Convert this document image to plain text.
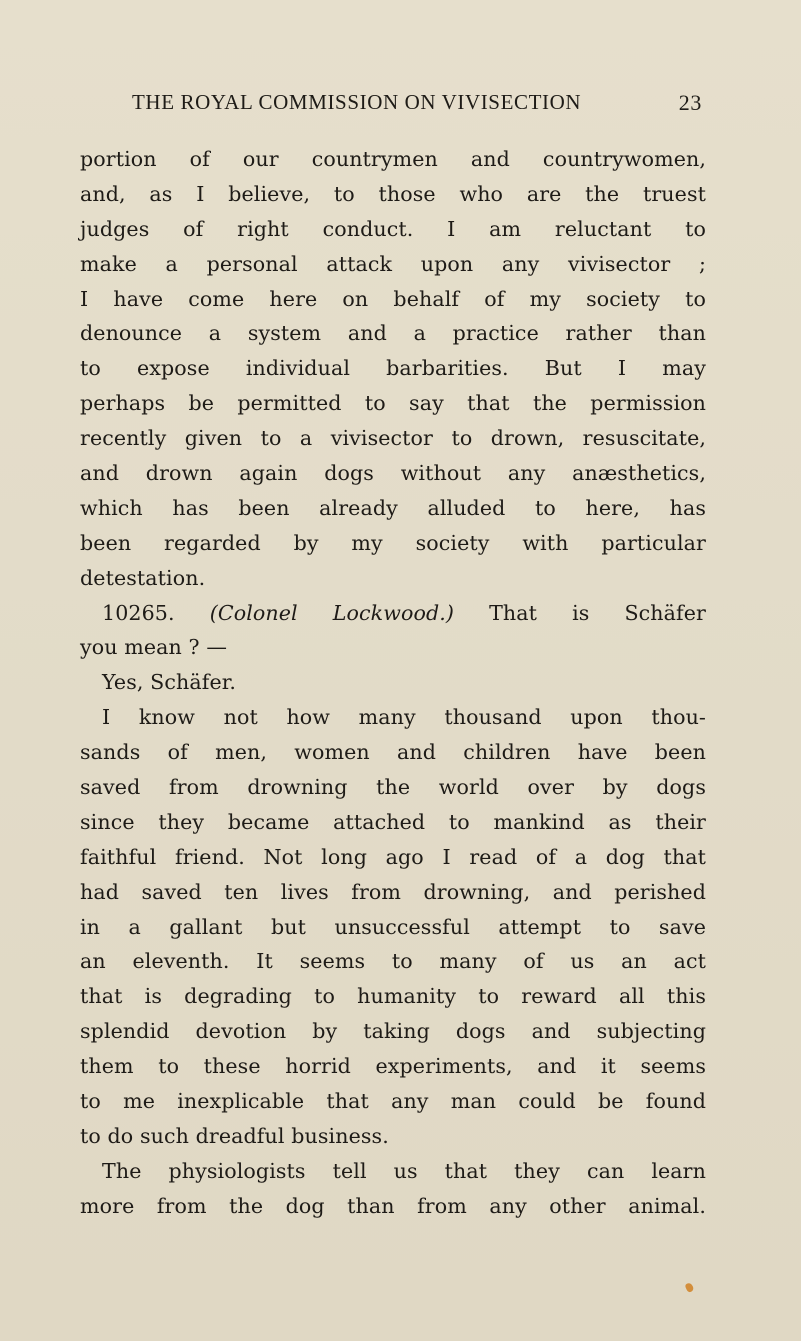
THE ROYAL COMMISSION ON VIVISECTION	23
portion of our countrymen and countrywomen,
and, as I believe, to those who are the truest
judges of right conduct. I am reluctant to
make a personal attack upon any vivisector ;
I have come here on behalf of my society to
denounce a system and a practice rather than
to expose individual barbarities. But I may
perhaps be permitted to say that the permission
recently given to a vivisector to drown, resuscitate,
and drown again dogs without any anæsthetics,
which has been already alluded to here, has
been regarded by my society with particular
detestation.
10265. (Colonel Lockwood.) That is Schäfer
you mean ? —
Yes, Schäfer.
I know not how many thousand upon thou-
sands of men, women and children have been
saved from drowning the world over by dogs
since they became attached to mankind as their
faithful friend. Not long ago I read of a dog that
had saved ten lives from drowning, and perished
in a gallant but unsuccessful attempt to save
an eleventh. It seems to many of us an act
that is degrading to humanity to reward all this
splendid devotion by taking dogs and subjecting
them to these horrid experiments, and it seems
to me inexplicable that any man could be found
to do such dreadful business.
The physiologists tell us that they can learn
more from the dog than from any other animal.
